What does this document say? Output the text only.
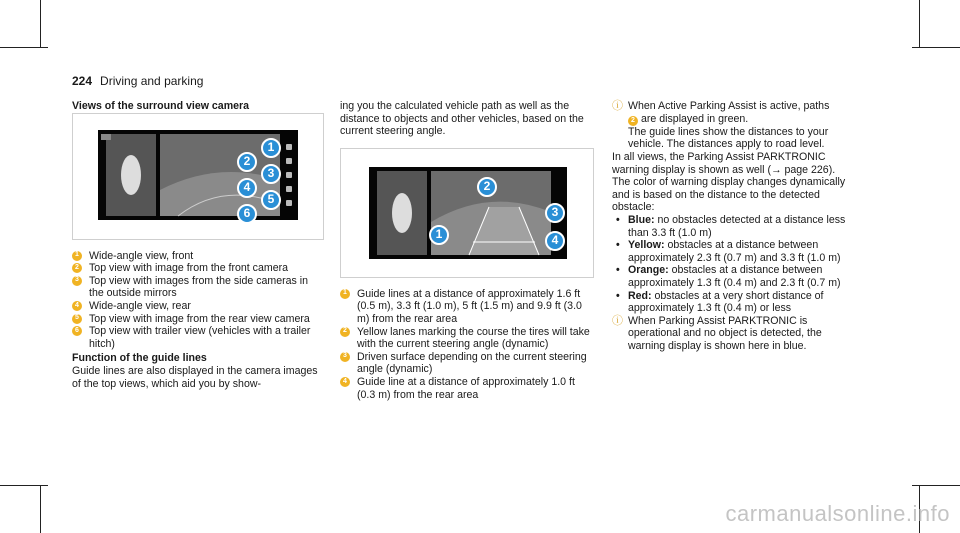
224 Driving and parking

Views of the surround view camera

1
2
3
4
5
6
1 Wide-angle view, front
2 Top view with image from the front camera
3 Top view with images from the side cameras in the outside mirrors
4 Wide-angle view, rear
5 Top view with image from the rear view camera
6 Top view with trailer view (vehicles with a trailer hitch)

Function of the guide lines

Guide lines are also displayed in the camera images of the top views, which aid you by show-

ing you the calculated vehicle path as well as the distance to objects and other vehicles, based on the current steering angle.

1
2
3
4
1 Guide lines at a distance of approximately 1.6 ft (0.5 m), 3.3 ft (1.0 m), 5 ft (1.5 m) and 9.9 ft (3.0 m) from the rear area
2 Yellow lanes marking the course the tires will take with the current steering angle (dynamic)
3 Driven surface depending on the current steering angle (dynamic)
4 Guide line at a distance of approximately 1.0 ft (0.3 m) from the rear area
ⓘ When Active Parking Assist is active, paths
2 are displayed in green.
The guide lines show the distances to your vehicle. The distances apply to road level.

In all views, the Parking Assist PARKTRONIC warning display is shown as well (→ page 226).

The color of warning display changes dynamically and is based on the distance to the detected obstacle:

• Blue: no obstacles detected at a distance less than 3.3 ft (1.0 m)
• Yellow: obstacles at a distance between approximately 2.3 ft (0.7 m) and 3.3 ft (1.0 m)
• Orange: obstacles at a distance between approximately 1.3 ft (0.4 m) and 2.3 ft (0.7 m)
• Red: obstacles at a very short distance of approximately 1.3 ft (0.4 m) or less
ⓘ When Parking Assist PARKTRONIC is operational and no object is detected, the warning display is shown here in blue.
carmanualsonline.info
